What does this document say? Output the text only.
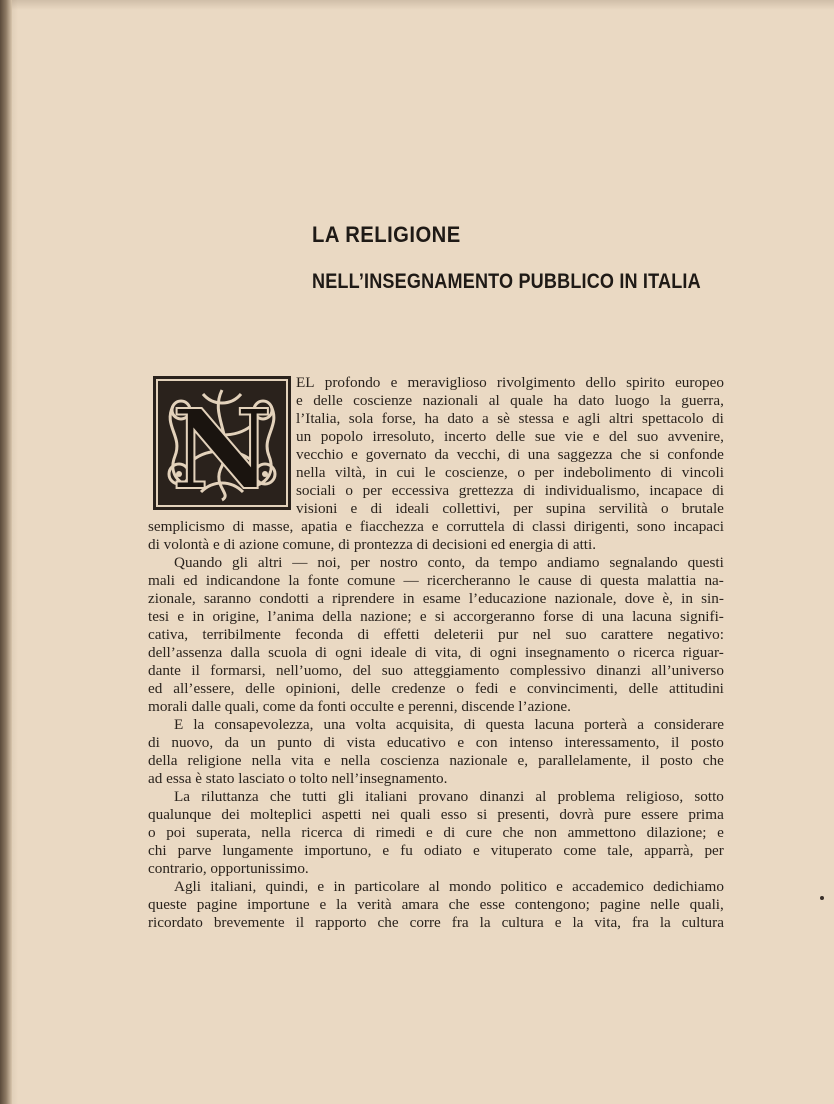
LA RELIGIONE
NELL’INSEGNAMENTO PUBBLICO IN ITALIA
N
EL profondo e meraviglioso rivolgimento dello spirito europeo
e delle coscienze nazionali al quale ha dato luogo la guerra,
l’Italia, sola forse, ha dato a sè stessa e agli altri spettacolo di
un popolo irresoluto, incerto delle sue vie e del suo avvenire,
vecchio e governato da vecchi, di una saggezza che si confonde
nella viltà, in cui le coscienze, o per indebolimento di vincoli
sociali o per eccessiva grettezza di individualismo, incapace di
visioni e di ideali collettivi, per supina servilità o brutale
semplicismo di masse, apatia e fiacchezza e corruttela di classi dirigenti, sono incapaci
di volontà e di azione comune, di prontezza di decisioni ed energia di atti.
Quando gli altri — noi, per nostro conto, da tempo andiamo segnalando questi
mali ed indicandone la fonte comune — ricercheranno le cause di questa malattia na-
zionale, saranno condotti a riprendere in esame l’educazione nazionale, dove è, in sin-
tesi e in origine, l’anima della nazione; e si accorgeranno forse di una lacuna signifi-
cativa, terribilmente feconda di effetti deleterii pur nel suo carattere negativo:
dell’assenza dalla scuola di ogni ideale di vita, di ogni insegnamento o ricerca riguar-
dante il formarsi, nell’uomo, del suo atteggiamento complessivo dinanzi all’universo
ed all’essere, delle opinioni, delle credenze o fedi e convincimenti, delle attitudini
morali dalle quali, come da fonti occulte e perenni, discende l’azione.
E la consapevolezza, una volta acquisita, di questa lacuna porterà a considerare
di nuovo, da un punto di vista educativo e con intenso interessamento, il posto
della religione nella vita e nella coscienza nazionale e, parallelamente, il posto che
ad essa è stato lasciato o tolto nell’insegnamento.
La riluttanza che tutti gli italiani provano dinanzi al problema religioso, sotto
qualunque dei molteplici aspetti nei quali esso si presenti, dovrà pure essere prima
o poi superata, nella ricerca di rimedi e di cure che non ammettono dilazione; e
chi parve lungamente importuno, e fu odiato e vituperato come tale, apparrà, per
contrario, opportunissimo.
Agli italiani, quindi, e in particolare al mondo politico e accademico dedichiamo
queste pagine importune e la verità amara che esse contengono; pagine nelle quali,
ricordato brevemente il rapporto che corre fra la cultura e la vita, fra la cultura
